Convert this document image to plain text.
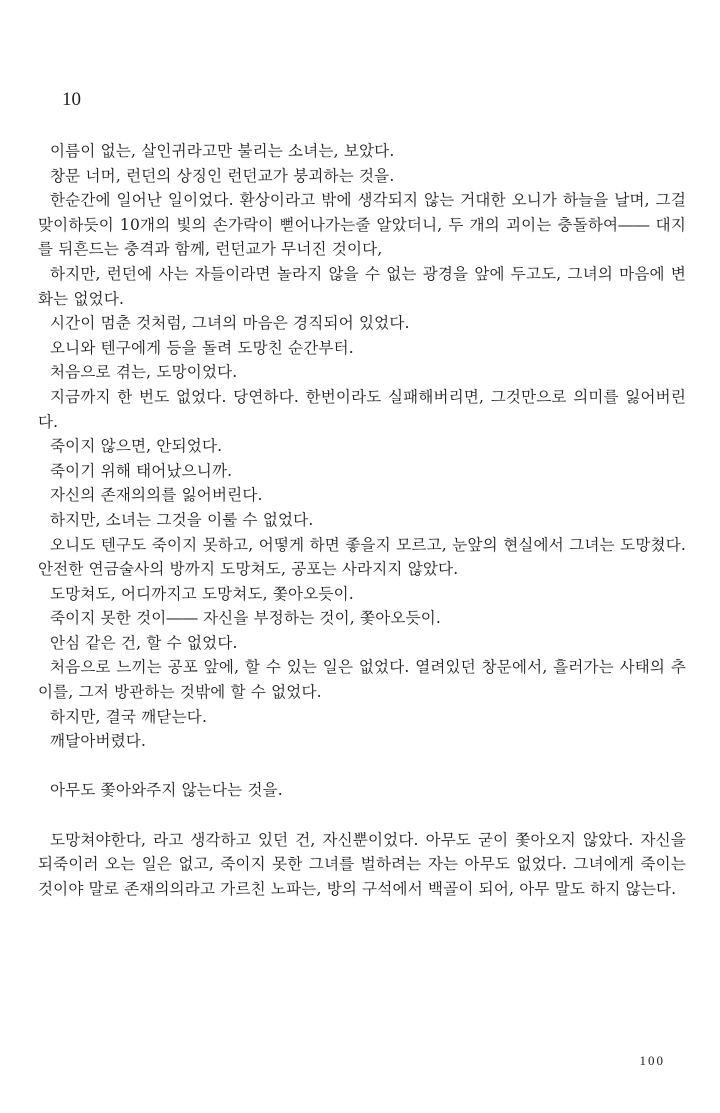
10

이름이 없는, 살인귀라고만 불리는 소녀는, 보았다.

창문 너머, 런던의 상징인 런던교가 붕괴하는 것을.

한순간에 일어난 일이었다. 환상이라고 밖에 생각되지 않는 거대한 오니가 하늘을 날며, 그걸 맞이하듯이 10개의 빛의 손가락이 뻗어나가는줄 알았더니, 두 개의 괴이는 충돌하여―― 대지를 뒤흔드는 충격과 함께, 런던교가 무너진 것이다,

하지만, 런던에 사는 자들이라면 놀라지 않을 수 없는 광경을 앞에 두고도, 그녀의 마음에 변화는 없었다.

시간이 멈춘 것처럼, 그녀의 마음은 경직되어 있었다.

오니와 텐구에게 등을 돌려 도망친 순간부터.

처음으로 겪는, 도망이었다.

지금까지 한 번도 없었다. 당연하다. 한번이라도 실패해버리면, 그것만으로 의미를 잃어버린다.

죽이지 않으면, 안되었다.

죽이기 위해 태어났으니까.

자신의 존재의의를 잃어버린다.

하지만, 소녀는 그것을 이룰 수 없었다.

오니도 텐구도 죽이지 못하고, 어떻게 하면 좋을지 모르고, 눈앞의 현실에서 그녀는 도망쳤다. 안전한 연금술사의 방까지 도망쳐도, 공포는 사라지지 않았다.

도망쳐도, 어디까지고 도망쳐도, 쫓아오듯이.

죽이지 못한 것이―― 자신을 부정하는 것이, 쫓아오듯이.

안심 같은 건, 할 수 없었다.

처음으로 느끼는 공포 앞에, 할 수 있는 일은 없었다. 열려있던 창문에서, 흘러가는 사태의 추이를, 그저 방관하는 것밖에 할 수 없었다.

하지만, 결국 깨닫는다.

깨달아버렸다.

아무도 쫓아와주지 않는다는 것을.

도망쳐야한다, 라고 생각하고 있던 건, 자신뿐이었다. 아무도 굳이 쫓아오지 않았다. 자신을 되죽이러 오는 일은 없고, 죽이지 못한 그녀를 벌하려는 자는 아무도 없었다. 그녀에게 죽이는 것이야 말로 존재의의라고 가르친 노파는, 방의 구석에서 백골이 되어, 아무 말도 하지 않는다.

100
